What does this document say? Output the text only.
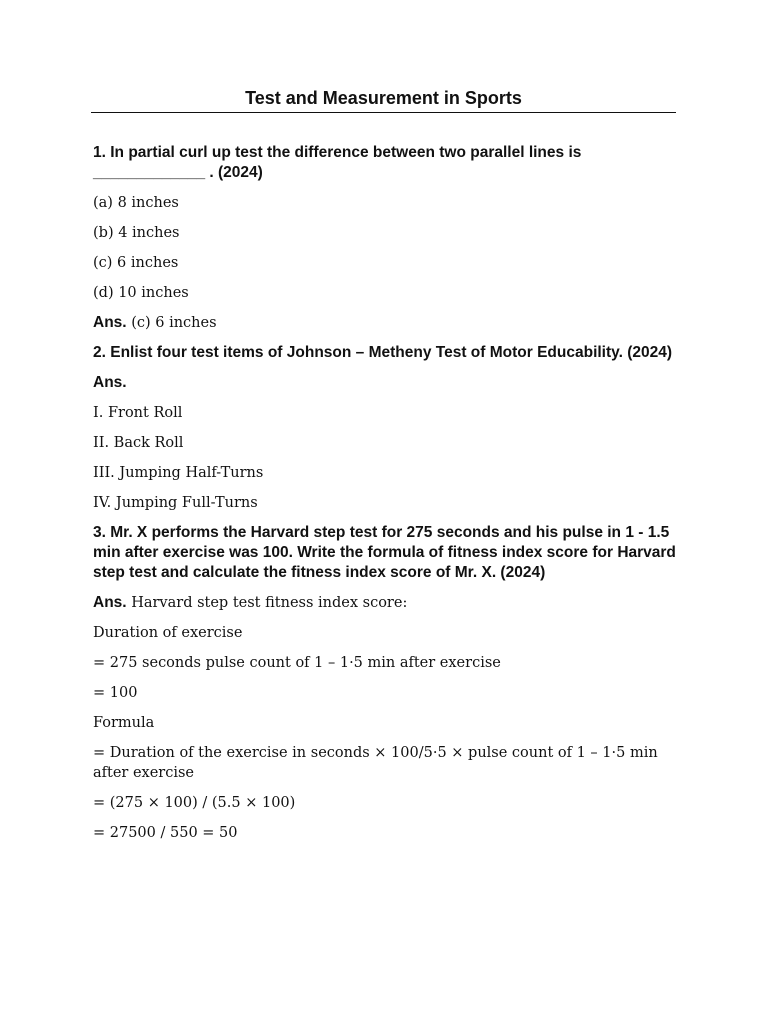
Test and Measurement in Sports

1. In partial curl up test the difference between two parallel lines is _____________ . (2024)

(a) 8 inches

(b) 4 inches

(c) 6 inches

(d) 10 inches

Ans. (c) 6 inches

2. Enlist four test items of Johnson – Metheny Test of Motor Educability. (2024)

Ans.

I. Front Roll

II. Back Roll

III. Jumping Half-Turns

IV. Jumping Full-Turns

3. Mr. X performs the Harvard step test for 275 seconds and his pulse in 1 - 1.5 min after exercise was 100. Write the formula of fitness index score for Harvard step test and calculate the fitness index score of Mr. X. (2024)

Ans. Harvard step test fitness index score:

Duration of exercise

= 275 seconds pulse count of 1 – 1·5 min after exercise

= 100

Formula

= Duration of the exercise in seconds × 100/5·5 × pulse count of 1 – 1·5 min after exercise

= (275 × 100) / (5.5 × 100)

= 27500 / 550 = 50
